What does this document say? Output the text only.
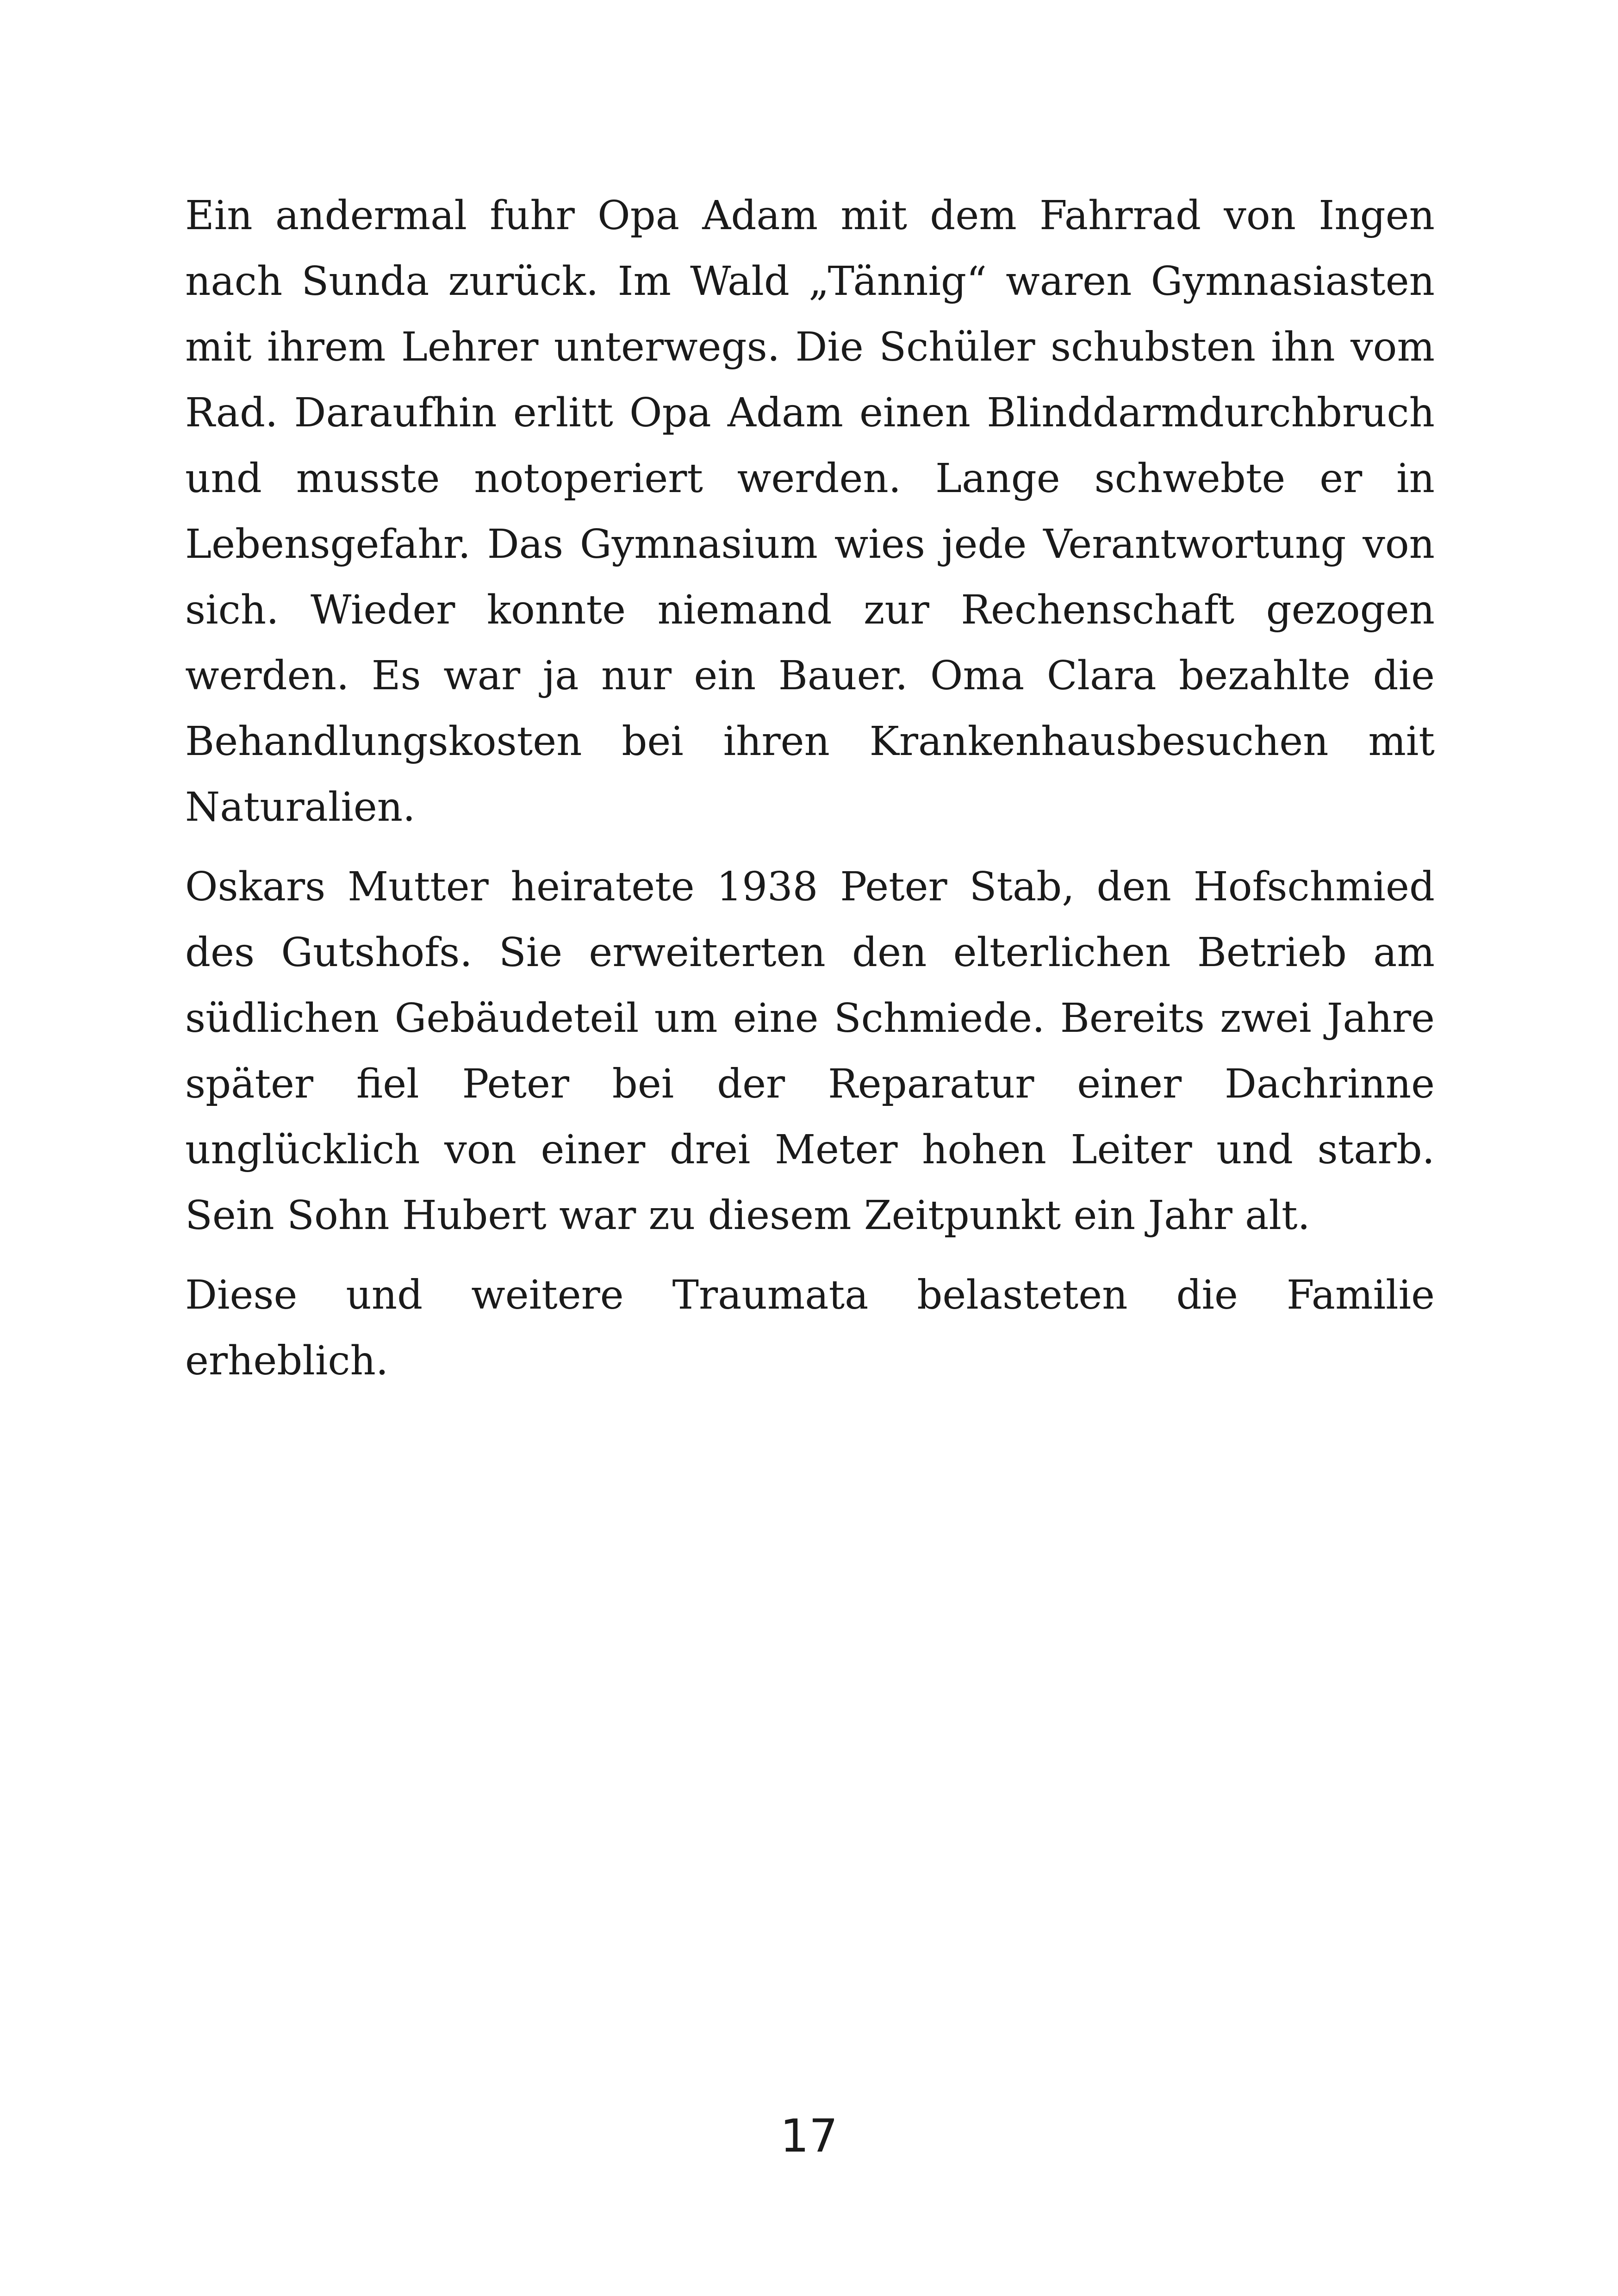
Ein andermal fuhr Opa Adam mit dem Fahrrad von Ingen nach Sunda zurück. Im Wald „Tännig“ waren Gymnasiasten mit ihrem Lehrer unterwegs. Die Schüler schubsten ihn vom Rad. Daraufhin erlitt Opa Adam einen Blinddarmdurchbruch und musste notoperiert werden. Lange schwebte er in Lebensgefahr. Das Gymnasium wies jede Verantwortung von sich. Wieder konnte niemand zur Rechenschaft gezogen werden. Es war ja nur ein Bauer. Oma Clara bezahlte die Behandlungskosten bei ihren Krankenhausbesuchen mit Naturalien.

Oskars Mutter heiratete 1938 Peter Stab, den Hofschmied des Gutshofs. Sie erweiterten den elterlichen Betrieb am südlichen Gebäudeteil um eine Schmiede. Bereits zwei Jahre später fiel Peter bei der Reparatur einer Dachrinne unglücklich von einer drei Meter hohen Leiter und starb. Sein Sohn Hubert war zu diesem Zeitpunkt ein Jahr alt.

Diese und weitere Traumata belasteten die Familie erheblich.

17
